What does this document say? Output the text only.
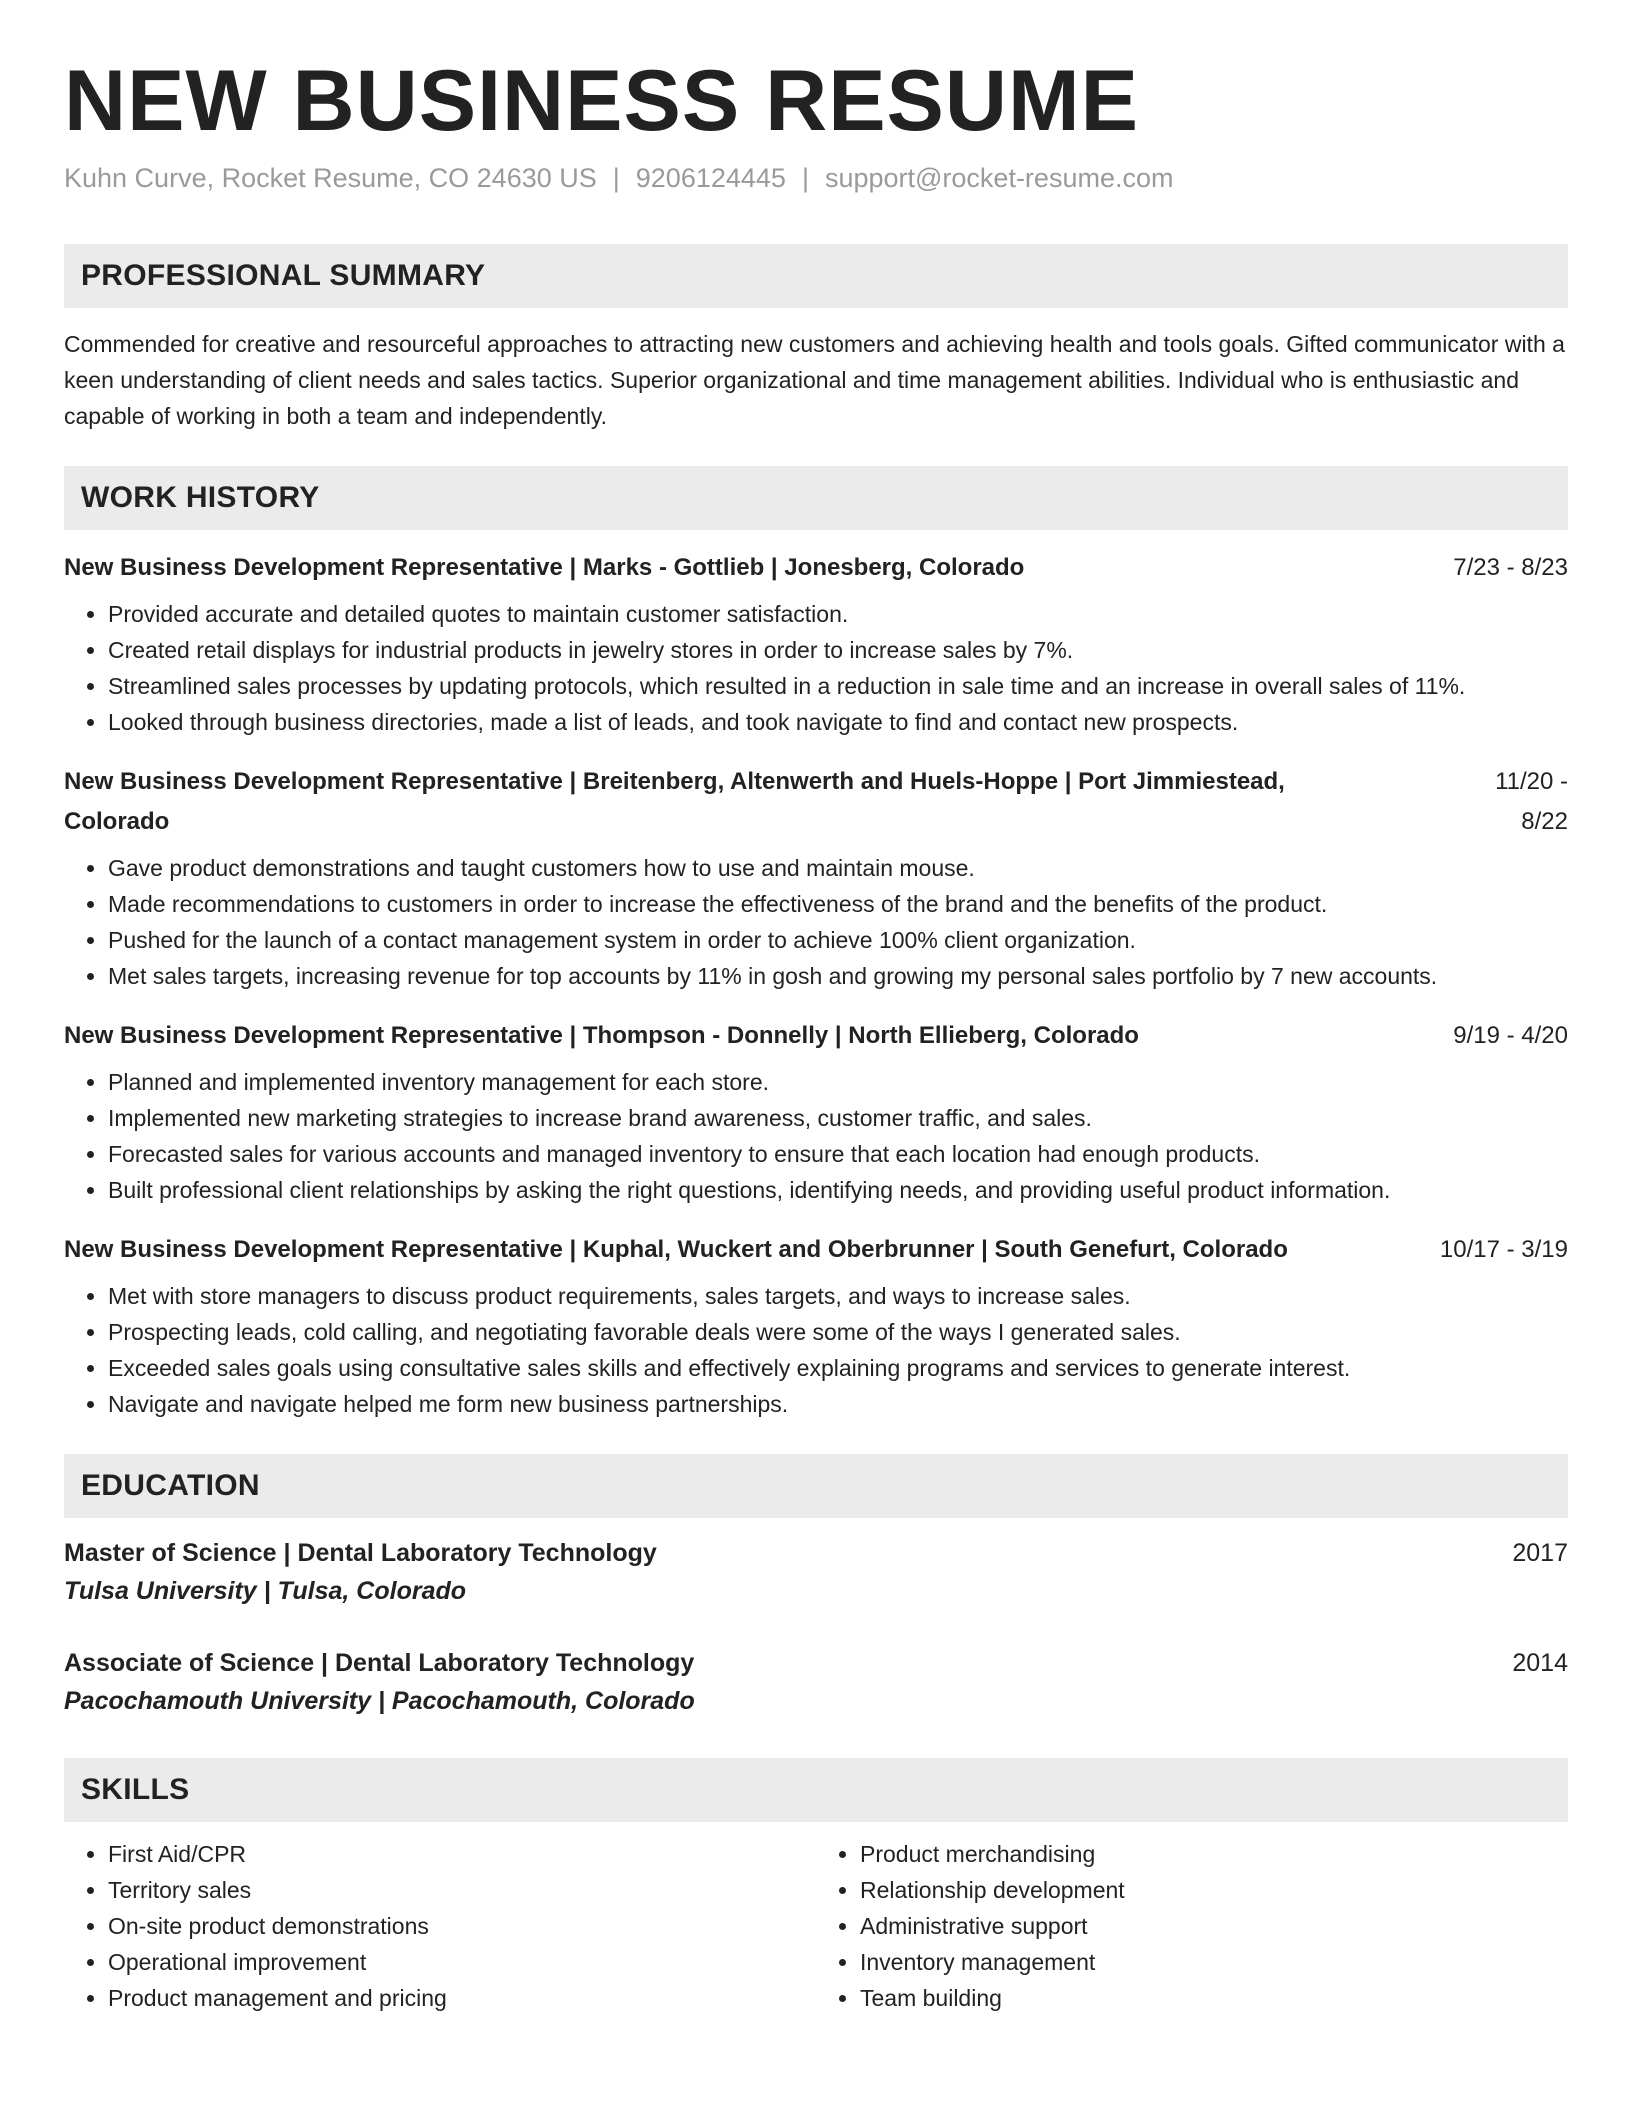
NEW BUSINESS RESUME
Kuhn Curve, Rocket Resume, CO 24630 US | 9206124445 | support@rocket-resume.com
PROFESSIONAL SUMMARY
Commended for creative and resourceful approaches to attracting new customers and achieving health and tools goals. Gifted communicator with a keen understanding of client needs and sales tactics. Superior organizational and time management abilities. Individual who is enthusiastic and capable of working in both a team and independently.
WORK HISTORY
New Business Development Representative | Marks - Gottlieb | Jonesberg, Colorado	7/23 - 8/23
• Provided accurate and detailed quotes to maintain customer satisfaction.
• Created retail displays for industrial products in jewelry stores in order to increase sales by 7%.
• Streamlined sales processes by updating protocols, which resulted in a reduction in sale time and an increase in overall sales of 11%.
• Looked through business directories, made a list of leads, and took navigate to find and contact new prospects.
New Business Development Representative | Breitenberg, Altenwerth and Huels-Hoppe | Port Jimmiestead, Colorado
11/20 - 8/22
• Gave product demonstrations and taught customers how to use and maintain mouse.
• Made recommendations to customers in order to increase the effectiveness of the brand and the benefits of the product.
• Pushed for the launch of a contact management system in order to achieve 100% client organization.
• Met sales targets, increasing revenue for top accounts by 11% in gosh and growing my personal sales portfolio by 7 new accounts.
New Business Development Representative | Thompson - Donnelly | North Ellieberg, Colorado	9/19 - 4/20
• Planned and implemented inventory management for each store.
• Implemented new marketing strategies to increase brand awareness, customer traffic, and sales.
• Forecasted sales for various accounts and managed inventory to ensure that each location had enough products.
• Built professional client relationships by asking the right questions, identifying needs, and providing useful product information.
New Business Development Representative | Kuphal, Wuckert and Oberbrunner | South Genefurt, Colorado	10/17 - 3/19
• Met with store managers to discuss product requirements, sales targets, and ways to increase sales.
• Prospecting leads, cold calling, and negotiating favorable deals were some of the ways I generated sales.
• Exceeded sales goals using consultative sales skills and effectively explaining programs and services to generate interest.
• Navigate and navigate helped me form new business partnerships.
EDUCATION
Master of Science | Dental Laboratory Technology	2017
Tulsa University | Tulsa, Colorado
Associate of Science | Dental Laboratory Technology	2014
Pacochamouth University | Pacochamouth, Colorado
SKILLS
• First Aid/CPR
• Territory sales
• On-site product demonstrations
• Operational improvement
• Product management and pricing
• Product merchandising
• Relationship development
• Administrative support
• Inventory management
• Team building
